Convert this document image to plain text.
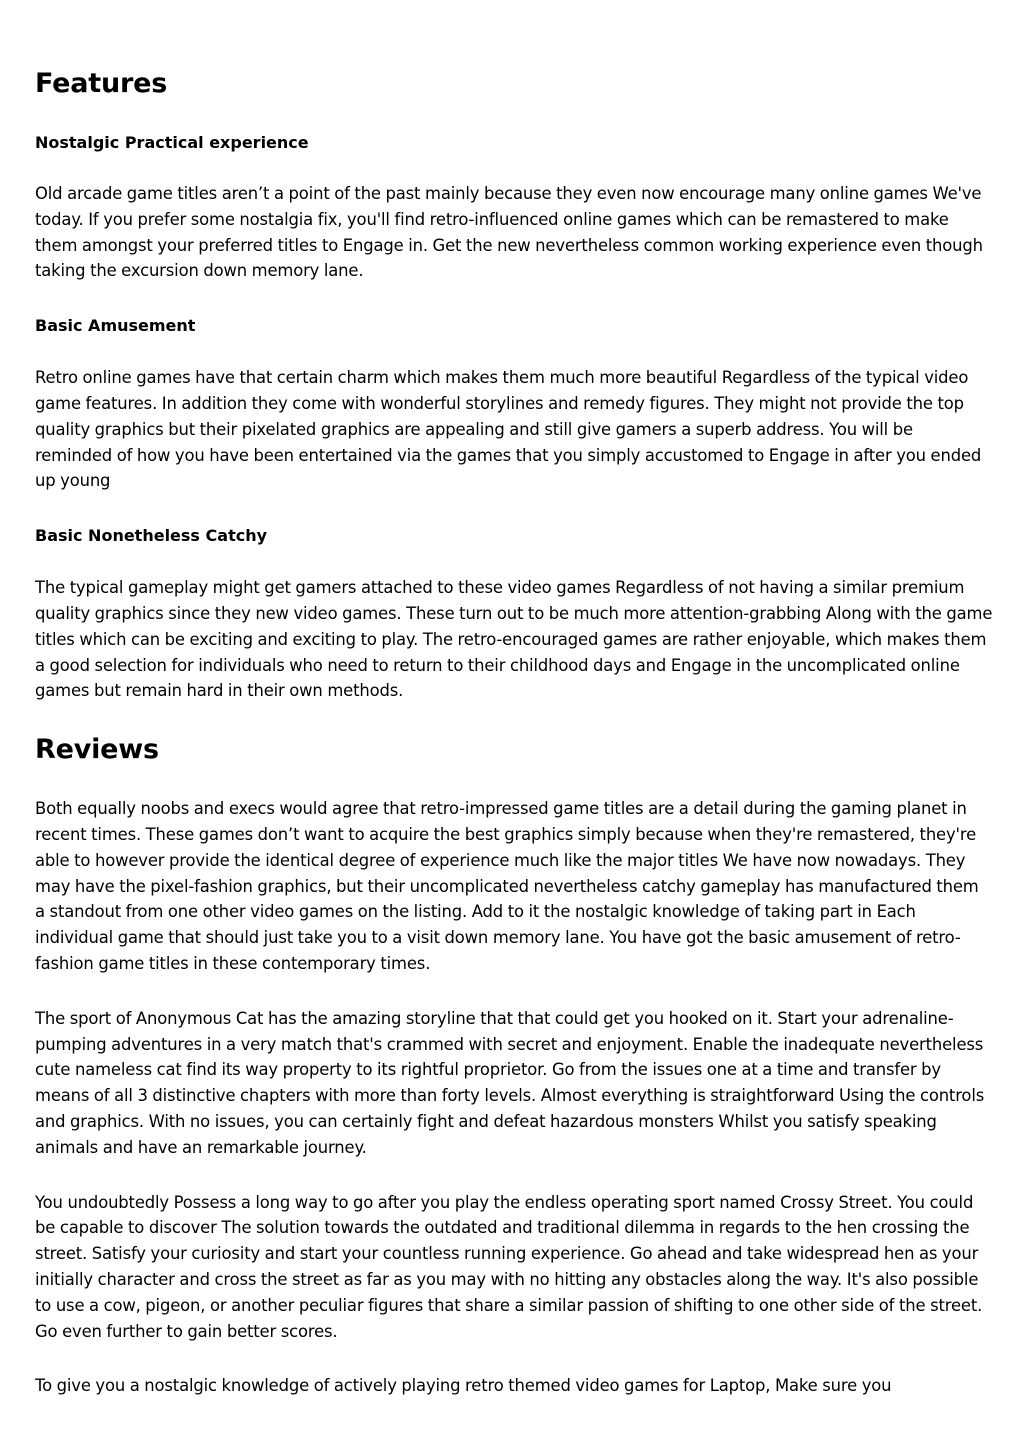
Features
Nostalgic Practical experience

Old arcade game titles aren’t a point of the past mainly because they even now encourage many online games We've today. If you prefer some nostalgia fix, you'll find retro-influenced online games which can be remastered to make them amongst your preferred titles to Engage in. Get the new nevertheless common working experience even though taking the excursion down memory lane.

Basic Amusement

Retro online games have that certain charm which makes them much more beautiful Regardless of the typical video game features. In addition they come with wonderful storylines and remedy figures. They might not provide the top quality graphics but their pixelated graphics are appealing and still give gamers a superb address. You will be reminded of how you have been entertained via the games that you simply accustomed to Engage in after you ended up young

Basic Nonetheless Catchy

The typical gameplay might get gamers attached to these video games Regardless of not having a similar premium quality graphics since they new video games. These turn out to be much more attention-grabbing Along with the game titles which can be exciting and exciting to play. The retro-encouraged games are rather enjoyable, which makes them a good selection for individuals who need to return to their childhood days and Engage in the uncomplicated online games but remain hard in their own methods.

Reviews

Both equally noobs and execs would agree that retro-impressed game titles are a detail during the gaming planet in recent times. These games don’t want to acquire the best graphics simply because when they're remastered, they're able to however provide the identical degree of experience much like the major titles We have now nowadays. They may have the pixel-fashion graphics, but their uncomplicated nevertheless catchy gameplay has manufactured them a standout from one other video games on the listing. Add to it the nostalgic knowledge of taking part in Each individual game that should just take you to a visit down memory lane. You have got the basic amusement of retro-fashion game titles in these contemporary times.

The sport of Anonymous Cat has the amazing storyline that that could get you hooked on it. Start your adrenaline-pumping adventures in a very match that's crammed with secret and enjoyment. Enable the inadequate nevertheless cute nameless cat find its way property to its rightful proprietor. Go from the issues one at a time and transfer by means of all 3 distinctive chapters with more than forty levels. Almost everything is straightforward Using the controls and graphics. With no issues, you can certainly fight and defeat hazardous monsters Whilst you satisfy speaking animals and have an remarkable journey.

You undoubtedly Possess a long way to go after you play the endless operating sport named Crossy Street. You could be capable to discover The solution towards the outdated and traditional dilemma in regards to the hen crossing the street. Satisfy your curiosity and start your countless running experience. Go ahead and take widespread hen as your initially character and cross the street as far as you may with no hitting any obstacles along the way. It's also possible to use a cow, pigeon, or another peculiar figures that share a similar passion of shifting to one other side of the street. Go even further to gain better scores.

To give you a nostalgic knowledge of actively playing retro themed video games for Laptop, Make sure you
